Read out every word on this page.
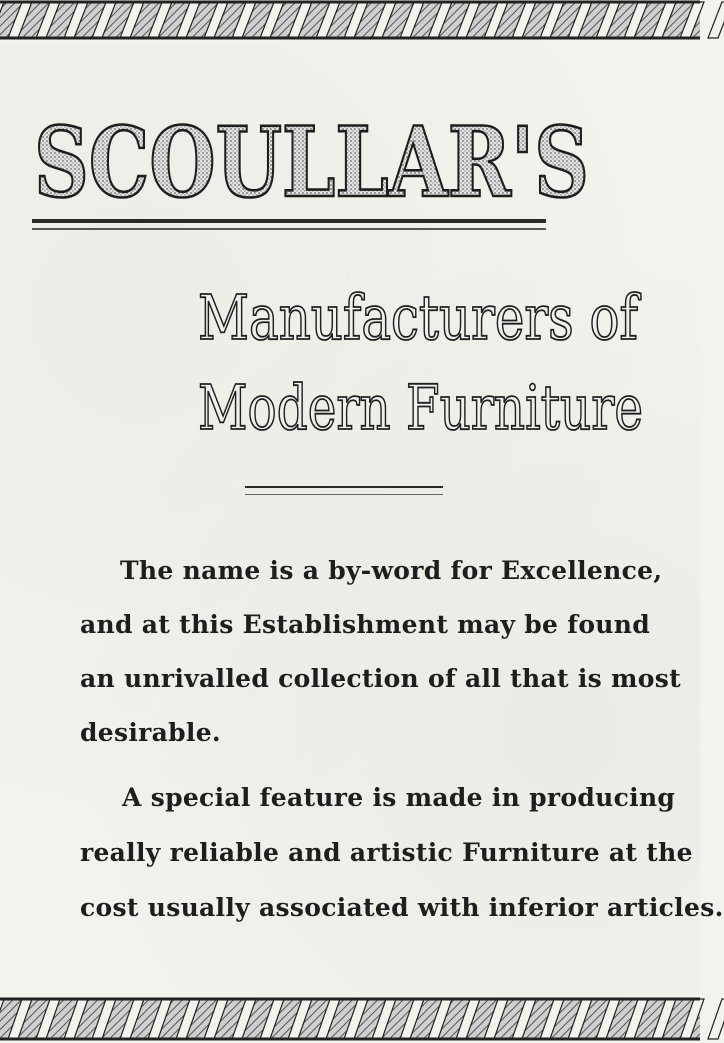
SCOULLAR'S
Manufacturers of
Modern Furniture
The name is a by-word for Excellence,
and at this Establishment may be found
an unrivalled collection of all that is most
desirable.
A special feature is made in producing
really reliable and artistic Furniture at the
cost usually associated with inferior articles.
